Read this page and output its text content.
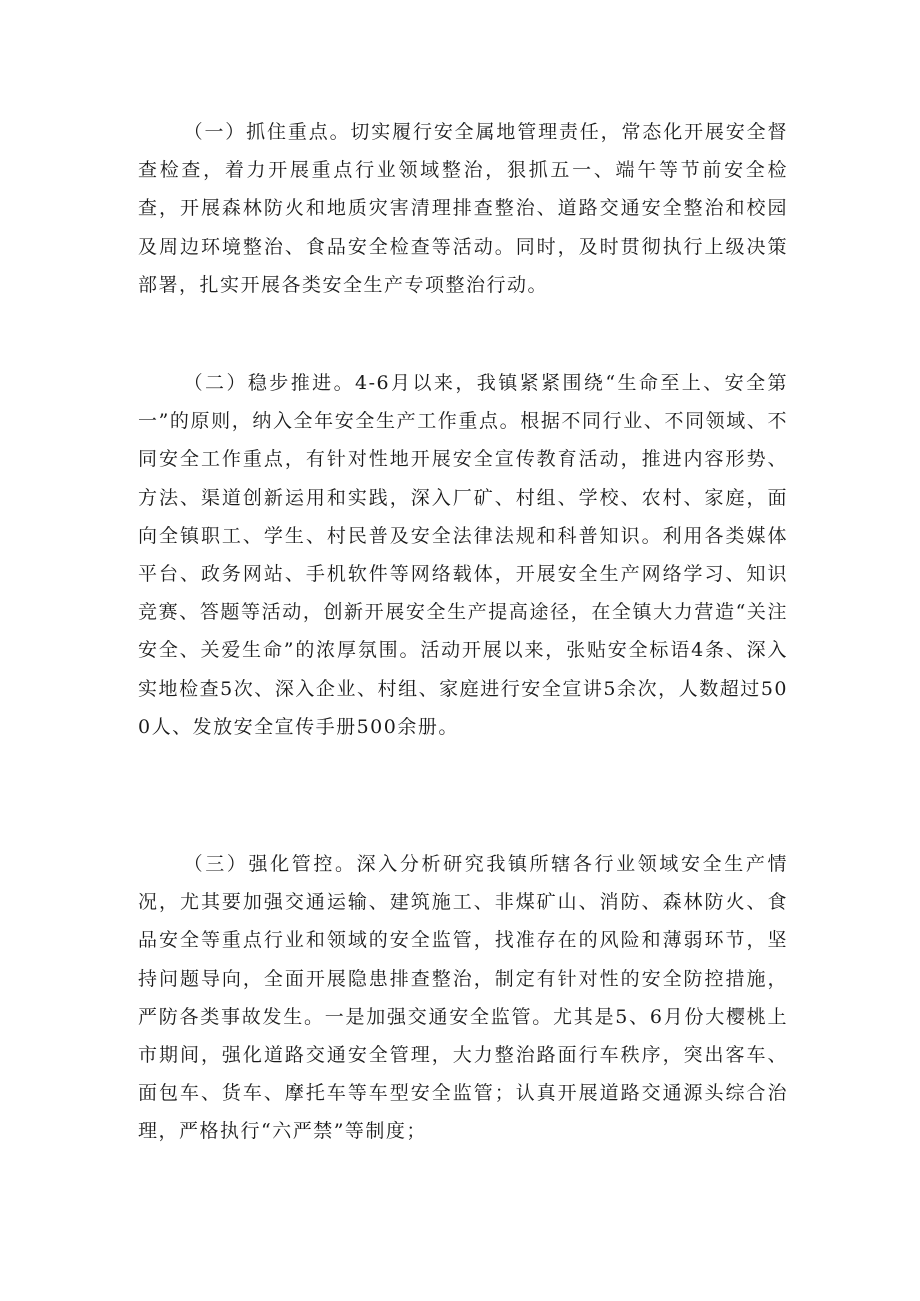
（一）抓住重点。切实履行安全属地管理责任，常态化开展安全督查检查，着力开展重点行业领域整治，狠抓五一、端午等节前安全检查，开展森林防火和地质灾害清理排查整治、道路交通安全整治和校园及周边环境整治、食品安全检查等活动。同时，及时贯彻执行上级决策部署，扎实开展各类安全生产专项整治行动。

（二）稳步推进。4-6月以来，我镇紧紧围绕“生命至上、安全第一”的原则，纳入全年安全生产工作重点。根据不同行业、不同领域、不同安全工作重点，有针对性地开展安全宣传教育活动，推进内容形势、方法、渠道创新运用和实践，深入厂矿、村组、学校、农村、家庭，面向全镇职工、学生、村民普及安全法律法规和科普知识。利用各类媒体平台、政务网站、手机软件等网络载体，开展安全生产网络学习、知识竞赛、答题等活动，创新开展安全生产提高途径，在全镇大力营造“关注安全、关爱生命”的浓厚氛围。活动开展以来，张贴安全标语4条、深入实地检查5次、深入企业、村组、家庭进行安全宣讲5余次，人数超过500人、发放安全宣传手册500余册。

（三）强化管控。深入分析研究我镇所辖各行业领域安全生产情况，尤其要加强交通运输、建筑施工、非煤矿山、消防、森林防火、食品安全等重点行业和领域的安全监管，找准存在的风险和薄弱环节，坚持问题导向，全面开展隐患排查整治，制定有针对性的安全防控措施，严防各类事故发生。一是加强交通安全监管。尤其是5、6月份大樱桃上市期间，强化道路交通安全管理，大力整治路面行车秩序，突出客车、面包车、货车、摩托车等车型安全监管；认真开展道路交通源头综合治理，严格执行“六严禁”等制度；
